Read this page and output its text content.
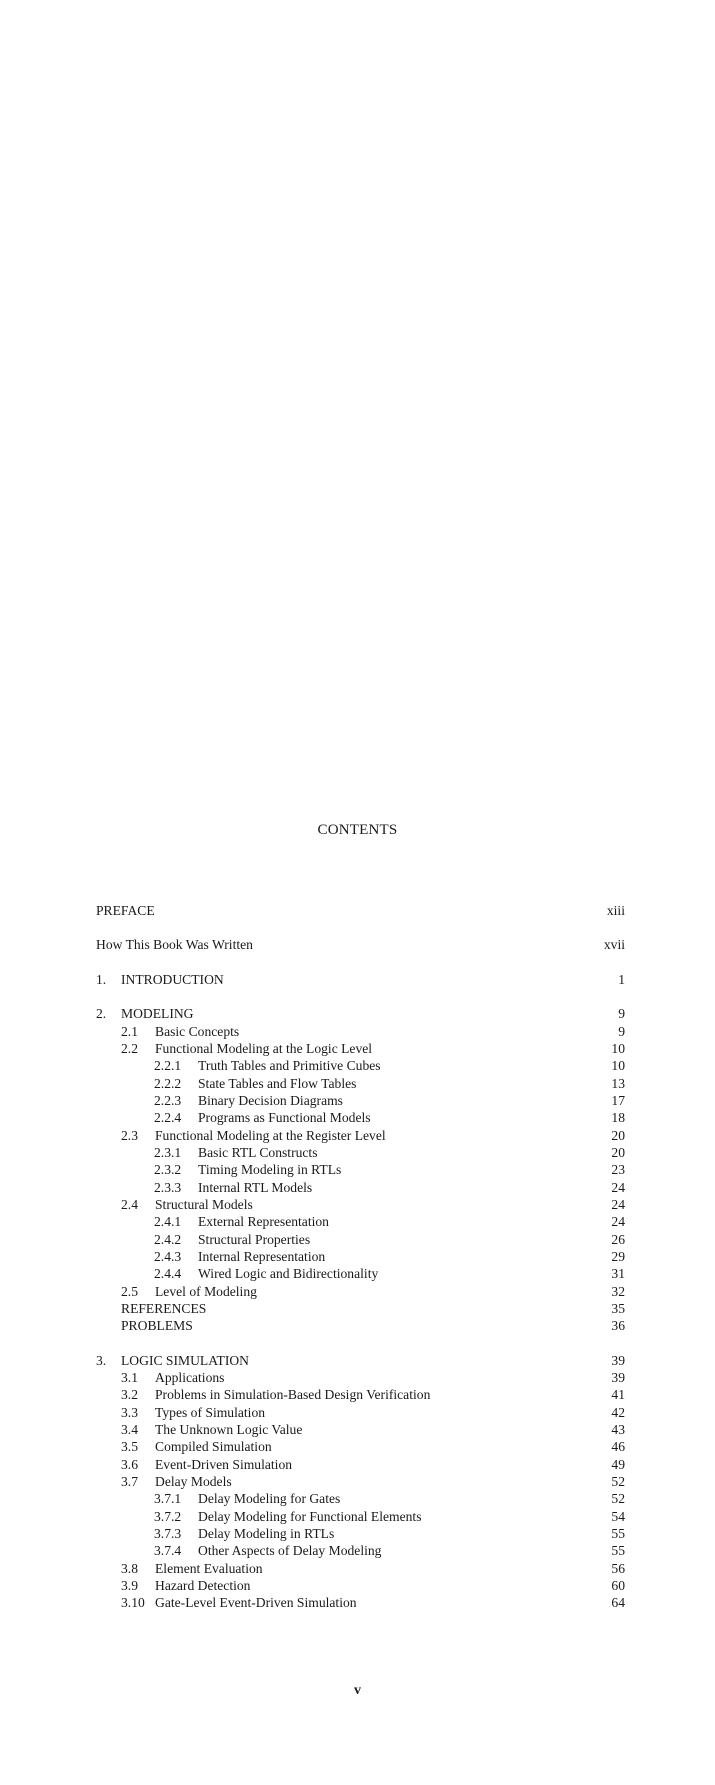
CONTENTS
PREFACE	xiii
How This Book Was Written	xvii
1. INTRODUCTION	1
2. MODELING	9
2.1 Basic Concepts	9
2.2 Functional Modeling at the Logic Level	10
2.2.1 Truth Tables and Primitive Cubes	10
2.2.2 State Tables and Flow Tables	13
2.2.3 Binary Decision Diagrams	17
2.2.4 Programs as Functional Models	18
2.3 Functional Modeling at the Register Level	20
2.3.1 Basic RTL Constructs	20
2.3.2 Timing Modeling in RTLs	23
2.3.3 Internal RTL Models	24
2.4 Structural Models	24
2.4.1 External Representation	24
2.4.2 Structural Properties	26
2.4.3 Internal Representation	29
2.4.4 Wired Logic and Bidirectionality	31
2.5 Level of Modeling	32
REFERENCES	35
PROBLEMS	36
3. LOGIC SIMULATION	39
3.1 Applications	39
3.2 Problems in Simulation-Based Design Verification	41
3.3 Types of Simulation	42
3.4 The Unknown Logic Value	43
3.5 Compiled Simulation	46
3.6 Event-Driven Simulation	49
3.7 Delay Models	52
3.7.1 Delay Modeling for Gates	52
3.7.2 Delay Modeling for Functional Elements	54
3.7.3 Delay Modeling in RTLs	55
3.7.4 Other Aspects of Delay Modeling	55
3.8 Element Evaluation	56
3.9 Hazard Detection	60
3.10 Gate-Level Event-Driven Simulation	64
v
